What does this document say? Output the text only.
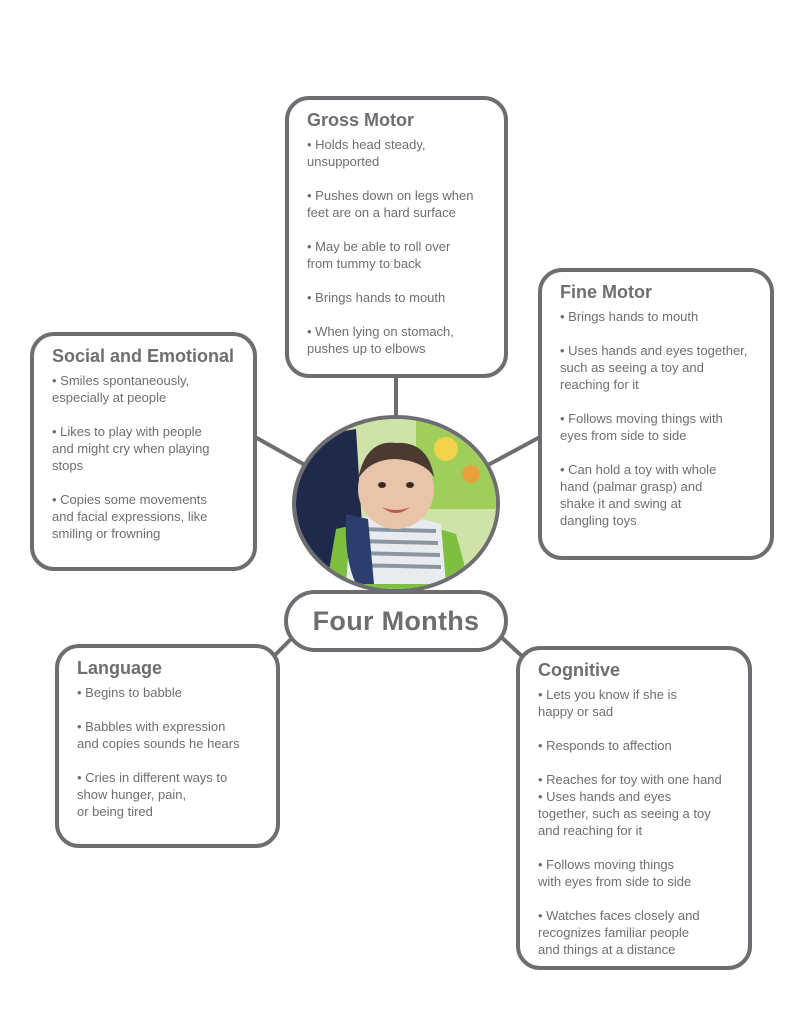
Gross Motor
• Holds head steady,
unsupported
• Pushes down on legs when
feet are on a hard surface
• May be able to roll over
from tummy to back
• Brings hands to mouth
• When lying on stomach,
pushes up to elbows
Fine Motor
• Brings hands to mouth
• Uses hands and eyes together,
such as seeing a toy and
reaching for it
• Follows moving things with
eyes from side to side
• Can hold a toy with whole
hand (palmar grasp) and
shake it and swing at
dangling toys
Social and Emotional
• Smiles spontaneously,
especially at people
• Likes to play with people
and might cry when playing
stops
• Copies some movements
and facial expressions, like
smiling or frowning
Four Months
Language
• Begins to babble
• Babbles with expression
and copies sounds he hears
• Cries in different ways to
show hunger, pain,
or being tired
Cognitive
• Lets you know if she is
happy or sad
• Responds to affection
• Reaches for toy with one hand
• Uses hands and eyes
together, such as seeing a toy
and reaching for it
• Follows moving things
with eyes from side to side
• Watches faces closely and
recognizes familiar people
and things at a distance
